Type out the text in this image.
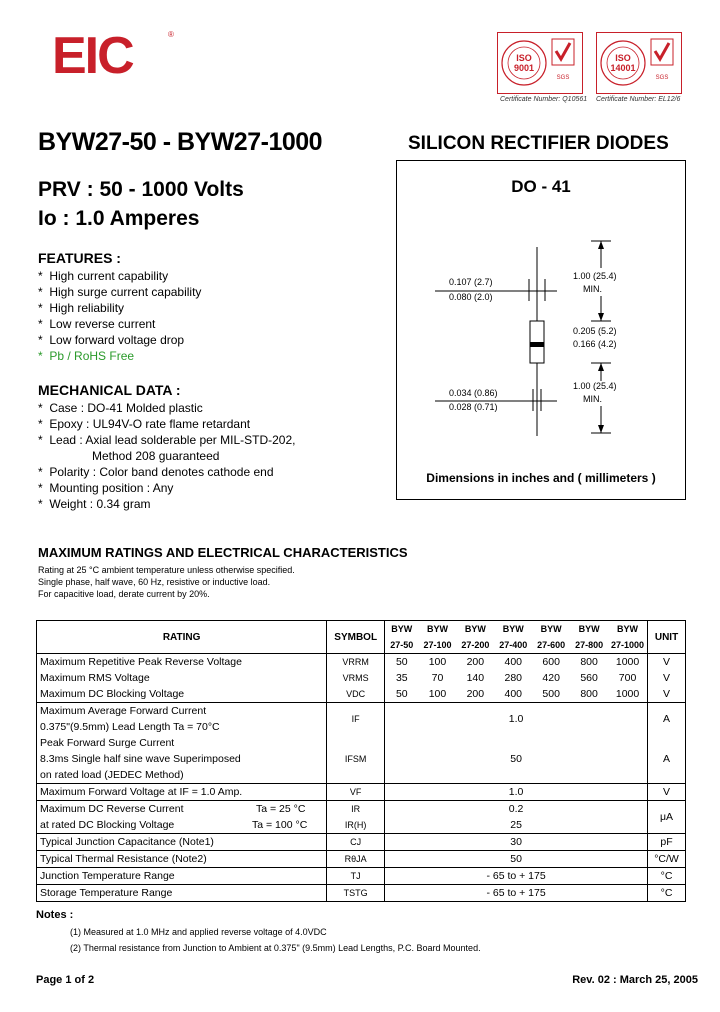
EIC	®
ISO
9001
SGS
ISO
14001
SGS
Certificate Number: Q10561 Certificate Number: EL12/6
BYW27-50 - BYW27-1000	SILICON RECTIFIER DIODES
PRV : 50 - 1000 Volts
Io : 1.0 Amperes
FEATURES :
*  High current capability
*  High surge current capability
*  High reliability
*  Low reverse current
*  Low forward voltage drop
*  Pb / RoHS Free
MECHANICAL DATA :
*  Case : DO-41 Molded plastic
*  Epoxy : UL94V-O rate flame retardant
*  Lead : Axial lead solderable per MIL-STD-202,
Method 208 guaranteed
*  Polarity : Color band denotes cathode end
*  Mounting position : Any
*  Weight : 0.34 gram
DO - 41
0.107 (2.7)
0.080 (2.0)
1.00 (25.4)
MIN.
0.205 (5.2)
0.166 (4.2)
0.034 (0.86)
0.028 (0.71)
1.00 (25.4)
MIN.
Dimensions in inches and ( millimeters )
MAXIMUM RATINGS AND ELECTRICAL CHARACTERISTICS
Rating at 25 °C ambient temperature unless otherwise specified.
Single phase, half wave, 60 Hz, resistive or inductive load.
For capacitive load, derate current by 20%.
RATING	SYMBOL	BYW	BYW	BYW	BYW	BYW	BYW	BYW	UNIT
		27-50	27-100	27-200	27-400	27-600	27-800	27-1000	
Maximum Repetitive Peak Reverse Voltage	VRRM	50	100	200	400	600	800	1000	V
Maximum RMS Voltage	VRMS	35	70	140	280	420	560	700	V
Maximum DC Blocking Voltage	VDC	50	100	200	400	500	800	1000	V
Maximum Average Forward Current	IF	1.0							A
0.375"(9.5mm) Lead Length Ta = 70°C									
Peak Forward Surge Current	IFSM	50							A
8.3ms Single half sine wave Superimposed									
on rated load (JEDEC Method)									
Maximum Forward Voltage at IF = 1.0 Amp.	VF	1.0							V
Maximum DC Reverse Current Ta = 25 °C	IR	0.2							μA
at rated DC Blocking Voltage Ta = 100 °C	IR(H)	25							
Typical Junction Capacitance (Note1)	CJ	30							pF
Typical Thermal Resistance (Note2)	RθJA	50							°C/W
Junction Temperature Range	TJ	- 65 to + 175							°C
Storage Temperature Range	TSTG	- 65 to + 175							°C
Notes :
(1) Measured at 1.0 MHz and applied reverse voltage of 4.0VDC
(2) Thermal resistance from Junction to Ambient at 0.375" (9.5mm) Lead Lengths, P.C. Board Mounted.
Page 1 of 2	Rev. 02 : March 25, 2005
